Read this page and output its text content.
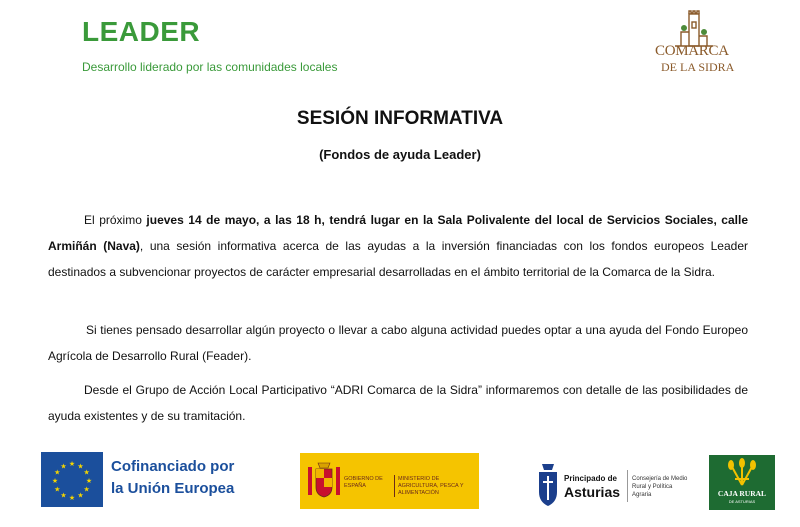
LEADER
Desarrollo liderado por las comunidades locales
COMARCA
DE LA SIDRA
SESIÓN INFORMATIVA
(Fondos de ayuda Leader)
El próximo jueves 14 de mayo, a las 18 h, tendrá lugar en la Sala Polivalente del local de Servicios Sociales, calle Armiñán (Nava), una sesión informativa acerca de las ayudas a la inversión financiadas con los fondos europeos Leader destinados a subvencionar proyectos de carácter empresarial desarrolladas en el ámbito territorial de la Comarca de la Sidra.
Si tienes pensado desarrollar algún proyecto o llevar a cabo alguna actividad puedes optar a una ayuda del Fondo Europeo Agrícola de Desarrollo Rural (Feader).
Desde el Grupo de Acción Local Participativo “ADRI Comarca de la Sidra” informaremos con detalle de las posibilidades de ayuda existentes y de su tramitación.
★ ★
★
★
★
★
★
★
★
★
★
★	Cofinanciado por la Unión Europea
GOBIERNO DE ESPAÑA
MINISTERIO DE AGRICULTURA, PESCA Y ALIMENTACIÓN
Principado de
Asturias
Consejería de Medio Rural y Política Agraria	CAJA RURAL
DE ASTURIAS
